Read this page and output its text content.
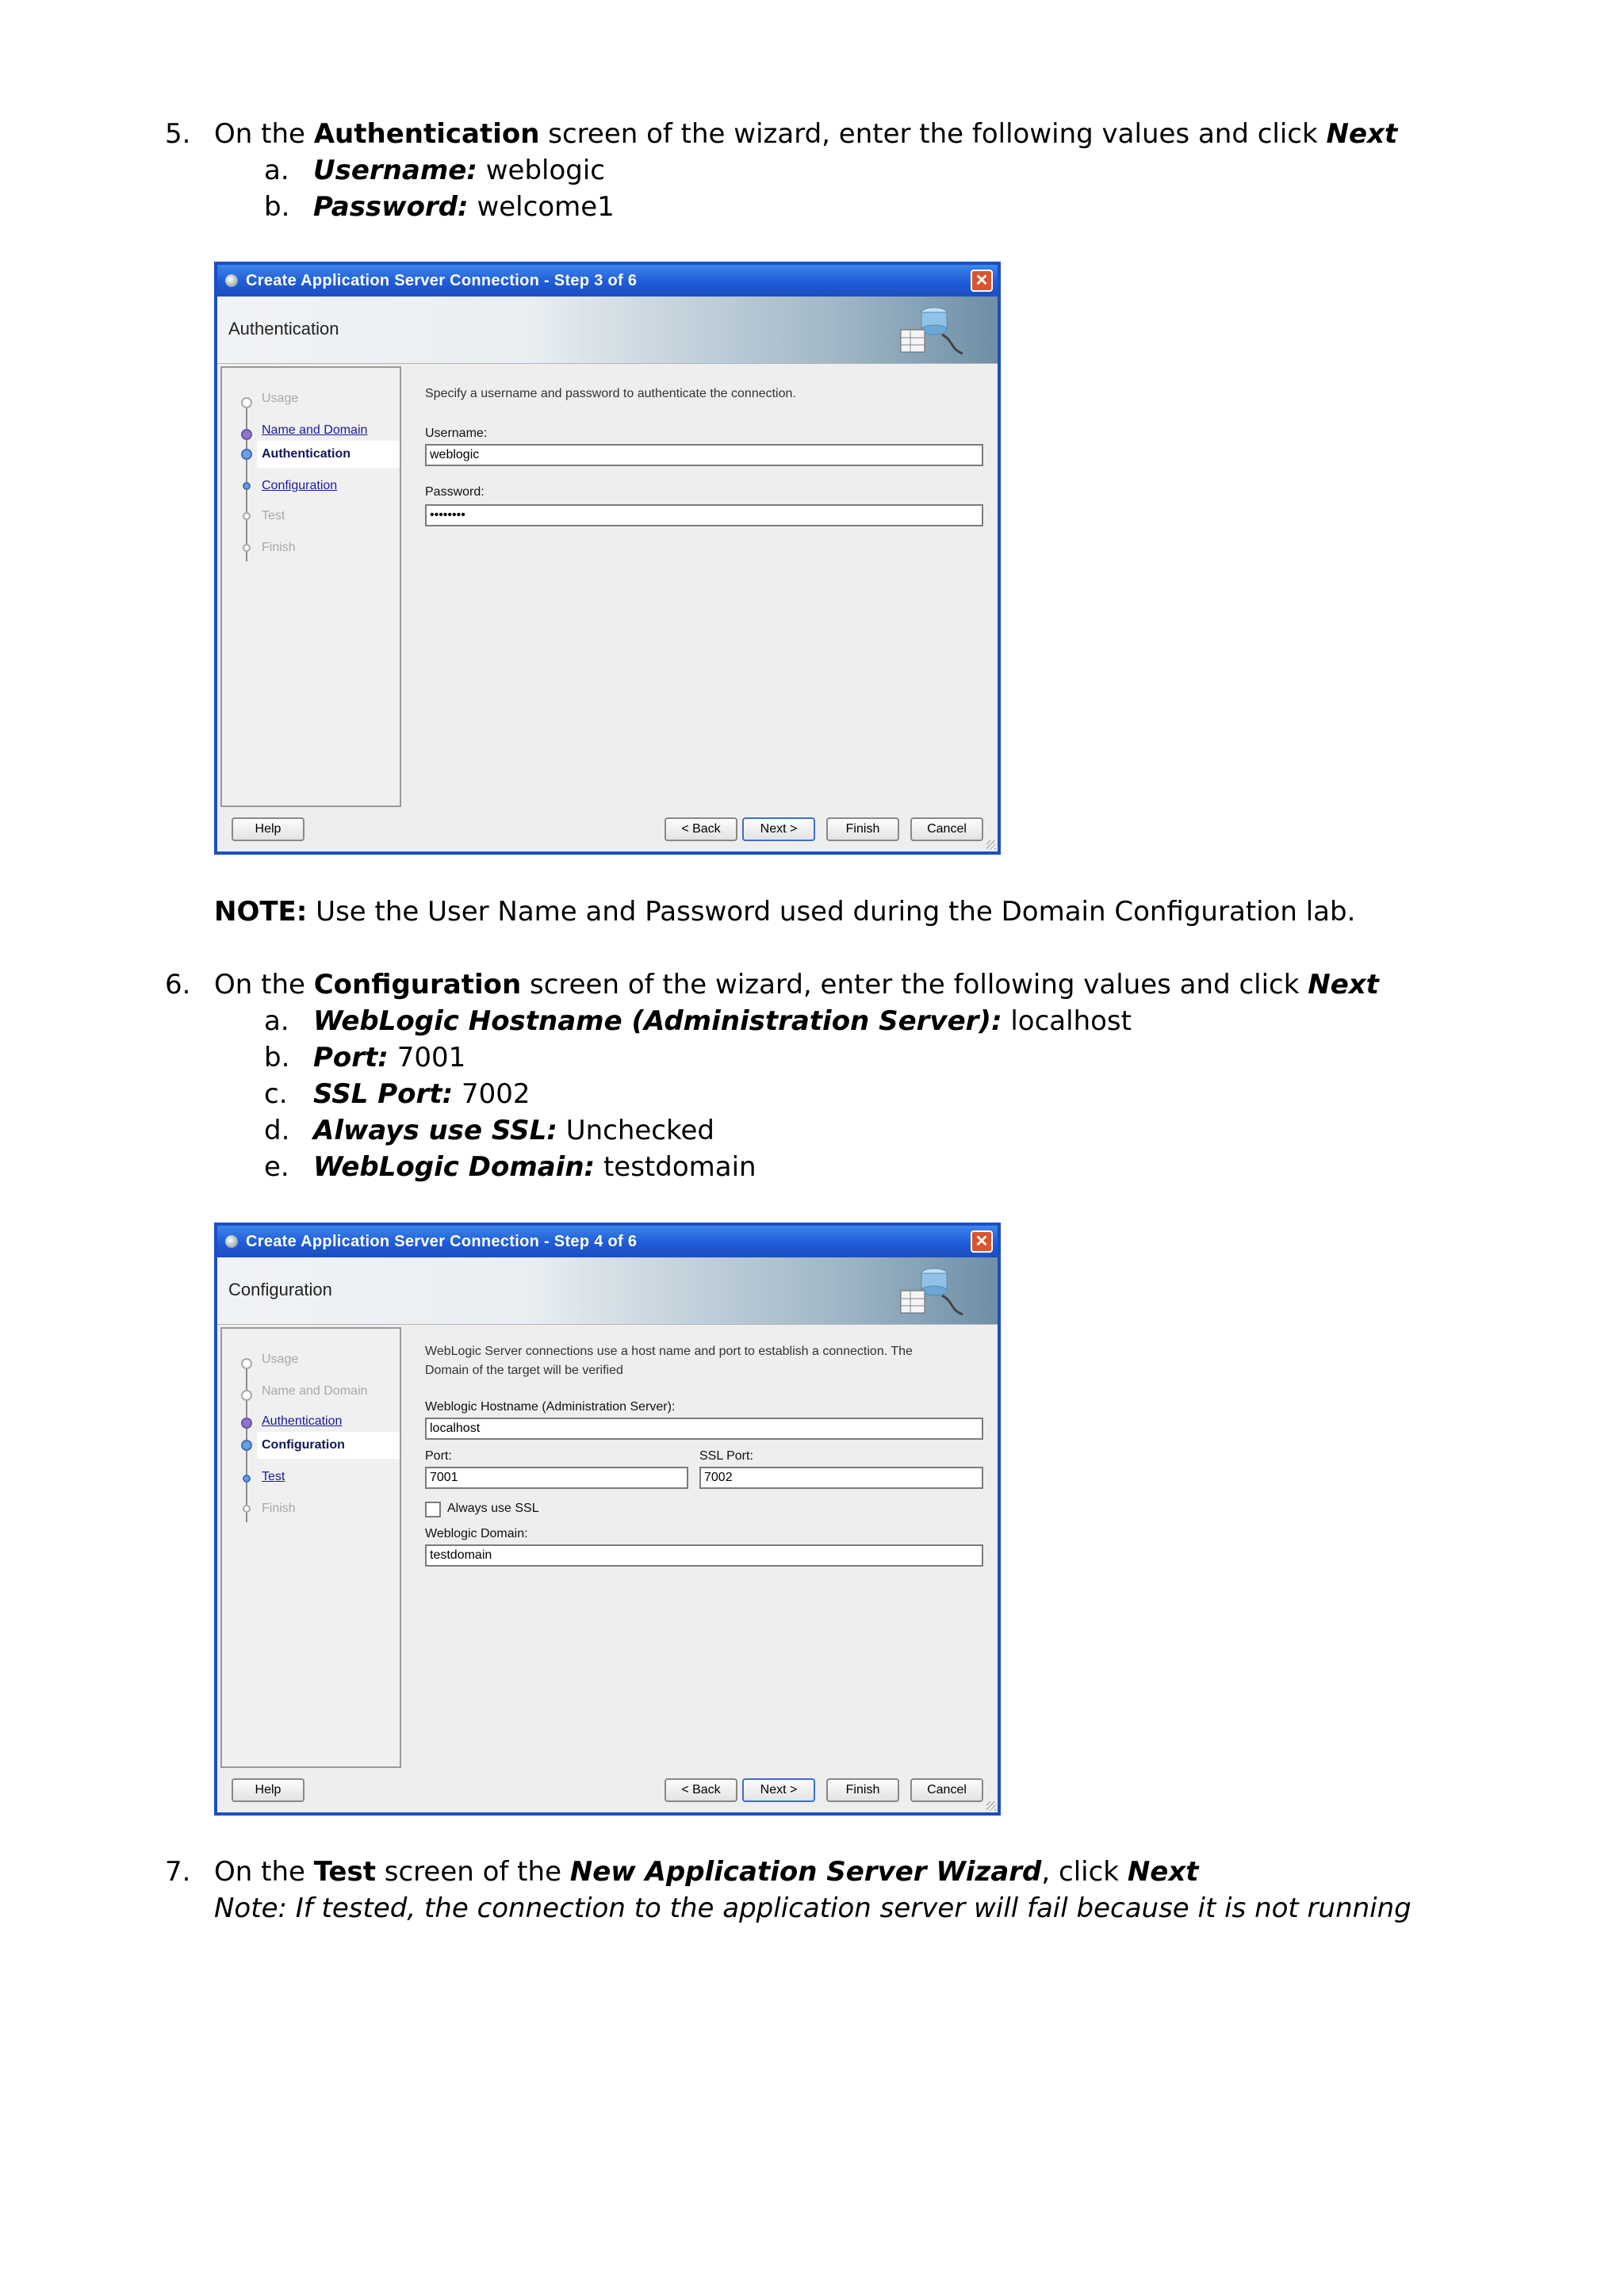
5. On the Authentication screen of the wizard, enter the following values and click Next
a. Username: weblogic
b. Password: welcome1
NOTE: Use the User Name and Password used during the Domain Configuration lab.
6. On the Configuration screen of the wizard, enter the following values and click Next
a. WebLogic Hostname (Administration Server): localhost
b. Port: 7001
c. SSL Port: 7002
d. Always use SSL: Unchecked
e. WebLogic Domain: testdomain
7. On the Test screen of the New Application Server Wizard, click Next
Note: If tested, the connection to the application server will fail because it is not running
Create Application Server Connection - Step 3 of 6	✕
Authentication
Usage
Name and Domain
Authentication
Configuration
Test
Finish
Specify a username and password to authenticate the connection.
Username:
weblogic
Password:
••••••••
Help	< Back	Next >	Finish	Cancel
Create Application Server Connection - Step 4 of 6	✕
Configuration
Usage
Name and Domain
Authentication
Configuration
Test
Finish
WebLogic Server connections use a host name and port to establish a connection. The
Domain of the target will be verified
Weblogic Hostname (Administration Server):
localhost
Port:
7001
SSL Port:
7002
Always use SSL
Weblogic Domain:
testdomain
Help	< Back	Next >	Finish	Cancel
